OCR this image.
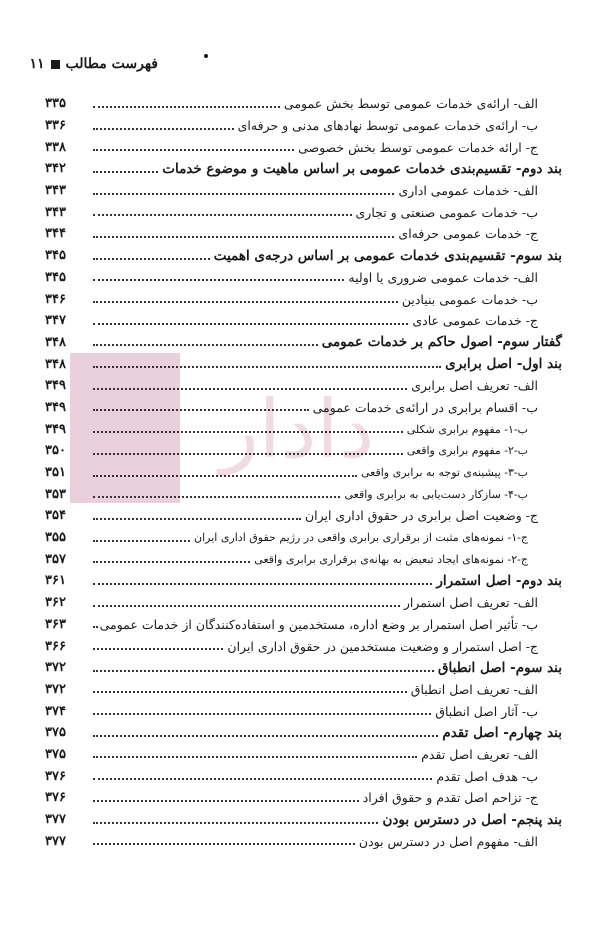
دادار
فهرست مطالب۱۱
الف- ارائه‌ی خدمات عمومی توسط بخش عمومی
۳۳۵
ب- ارائه‌ی خدمات عمومی توسط نهادهای مدنی و حرفه‌ای
۳۳۶
ج- ارائه خدمات عمومی توسط بخش خصوصی
۳۳۸
بند دوم- تقسیم‌بندی خدمات عمومی بر اساس ماهیت و موضوع خدمات
۳۴۲
الف- خدمات عمومی اداری
۳۴۳
ب- خدمات عمومی صنعتی و تجاری
۳۴۳
ج- خدمات عمومی حرفه‌ای
۳۴۴
بند سوم- تقسیم‌بندی خدمات عمومی بر اساس درجه‌ی اهمیت
۳۴۵
الف- خدمات عمومی ضروری یا اولیه
۳۴۵
ب- خدمات عمومی بنیادین
۳۴۶
ج- خدمات عمومی عادی
۳۴۷
گفتار سوم- اصول حاکم بر خدمات عمومی
۳۴۸
بند اول- اصل برابری
۳۴۸
الف- تعریف اصل برابری
۳۴۹
ب- اقسام برابری در ارائه‌ی خدمات عمومی
۳۴۹
ب-۱- مفهوم برابری شکلی
۳۴۹
ب-۲- مفهوم برابری واقعی
۳۵۰
ب-۳- پیشینه‌ی توجه به برابری واقعی
۳۵۱
ب-۴- سازکار دست‌یابی به برابری واقعی
۳۵۳
ج- وضعیت اصل برابری در حقوق اداری ایران
۳۵۴
ج-۱- نمونه‌های مثبت از برقراری برابری واقعی در رژیم حقوق اداری ایران
۳۵۵
ج-۲- نمونه‌های ایجاد تبعیض به بهانه‌ی برقراری برابری واقعی
۳۵۷
بند دوم- اصل استمرار
۳۶۱
الف- تعریف اصل استمرار
۳۶۲
ب- تأثیر اصل استمرار بر وضع اداره، مستخدمین و استفاده‌کنندگان از خدمات عمومی
۳۶۳
ج- اصل استمرار و وضعیت مستخدمین در حقوق اداری ایران
۳۶۶
بند سوم- اصل انطباق
۳۷۲
الف- تعریف اصل انطباق
۳۷۲
ب- آثار اصل انطباق
۳۷۴
بند چهارم- اصل تقدم
۳۷۵
الف- تعریف اصل تقدم
۳۷۵
ب- هدف اصل تقدم
۳۷۶
ج- تزاحم اصل تقدم و حقوق افراد
۳۷۶
بند پنجم- اصل در دسترس بودن
۳۷۷
الف- مفهوم اصل در دسترس بودن
۳۷۷
